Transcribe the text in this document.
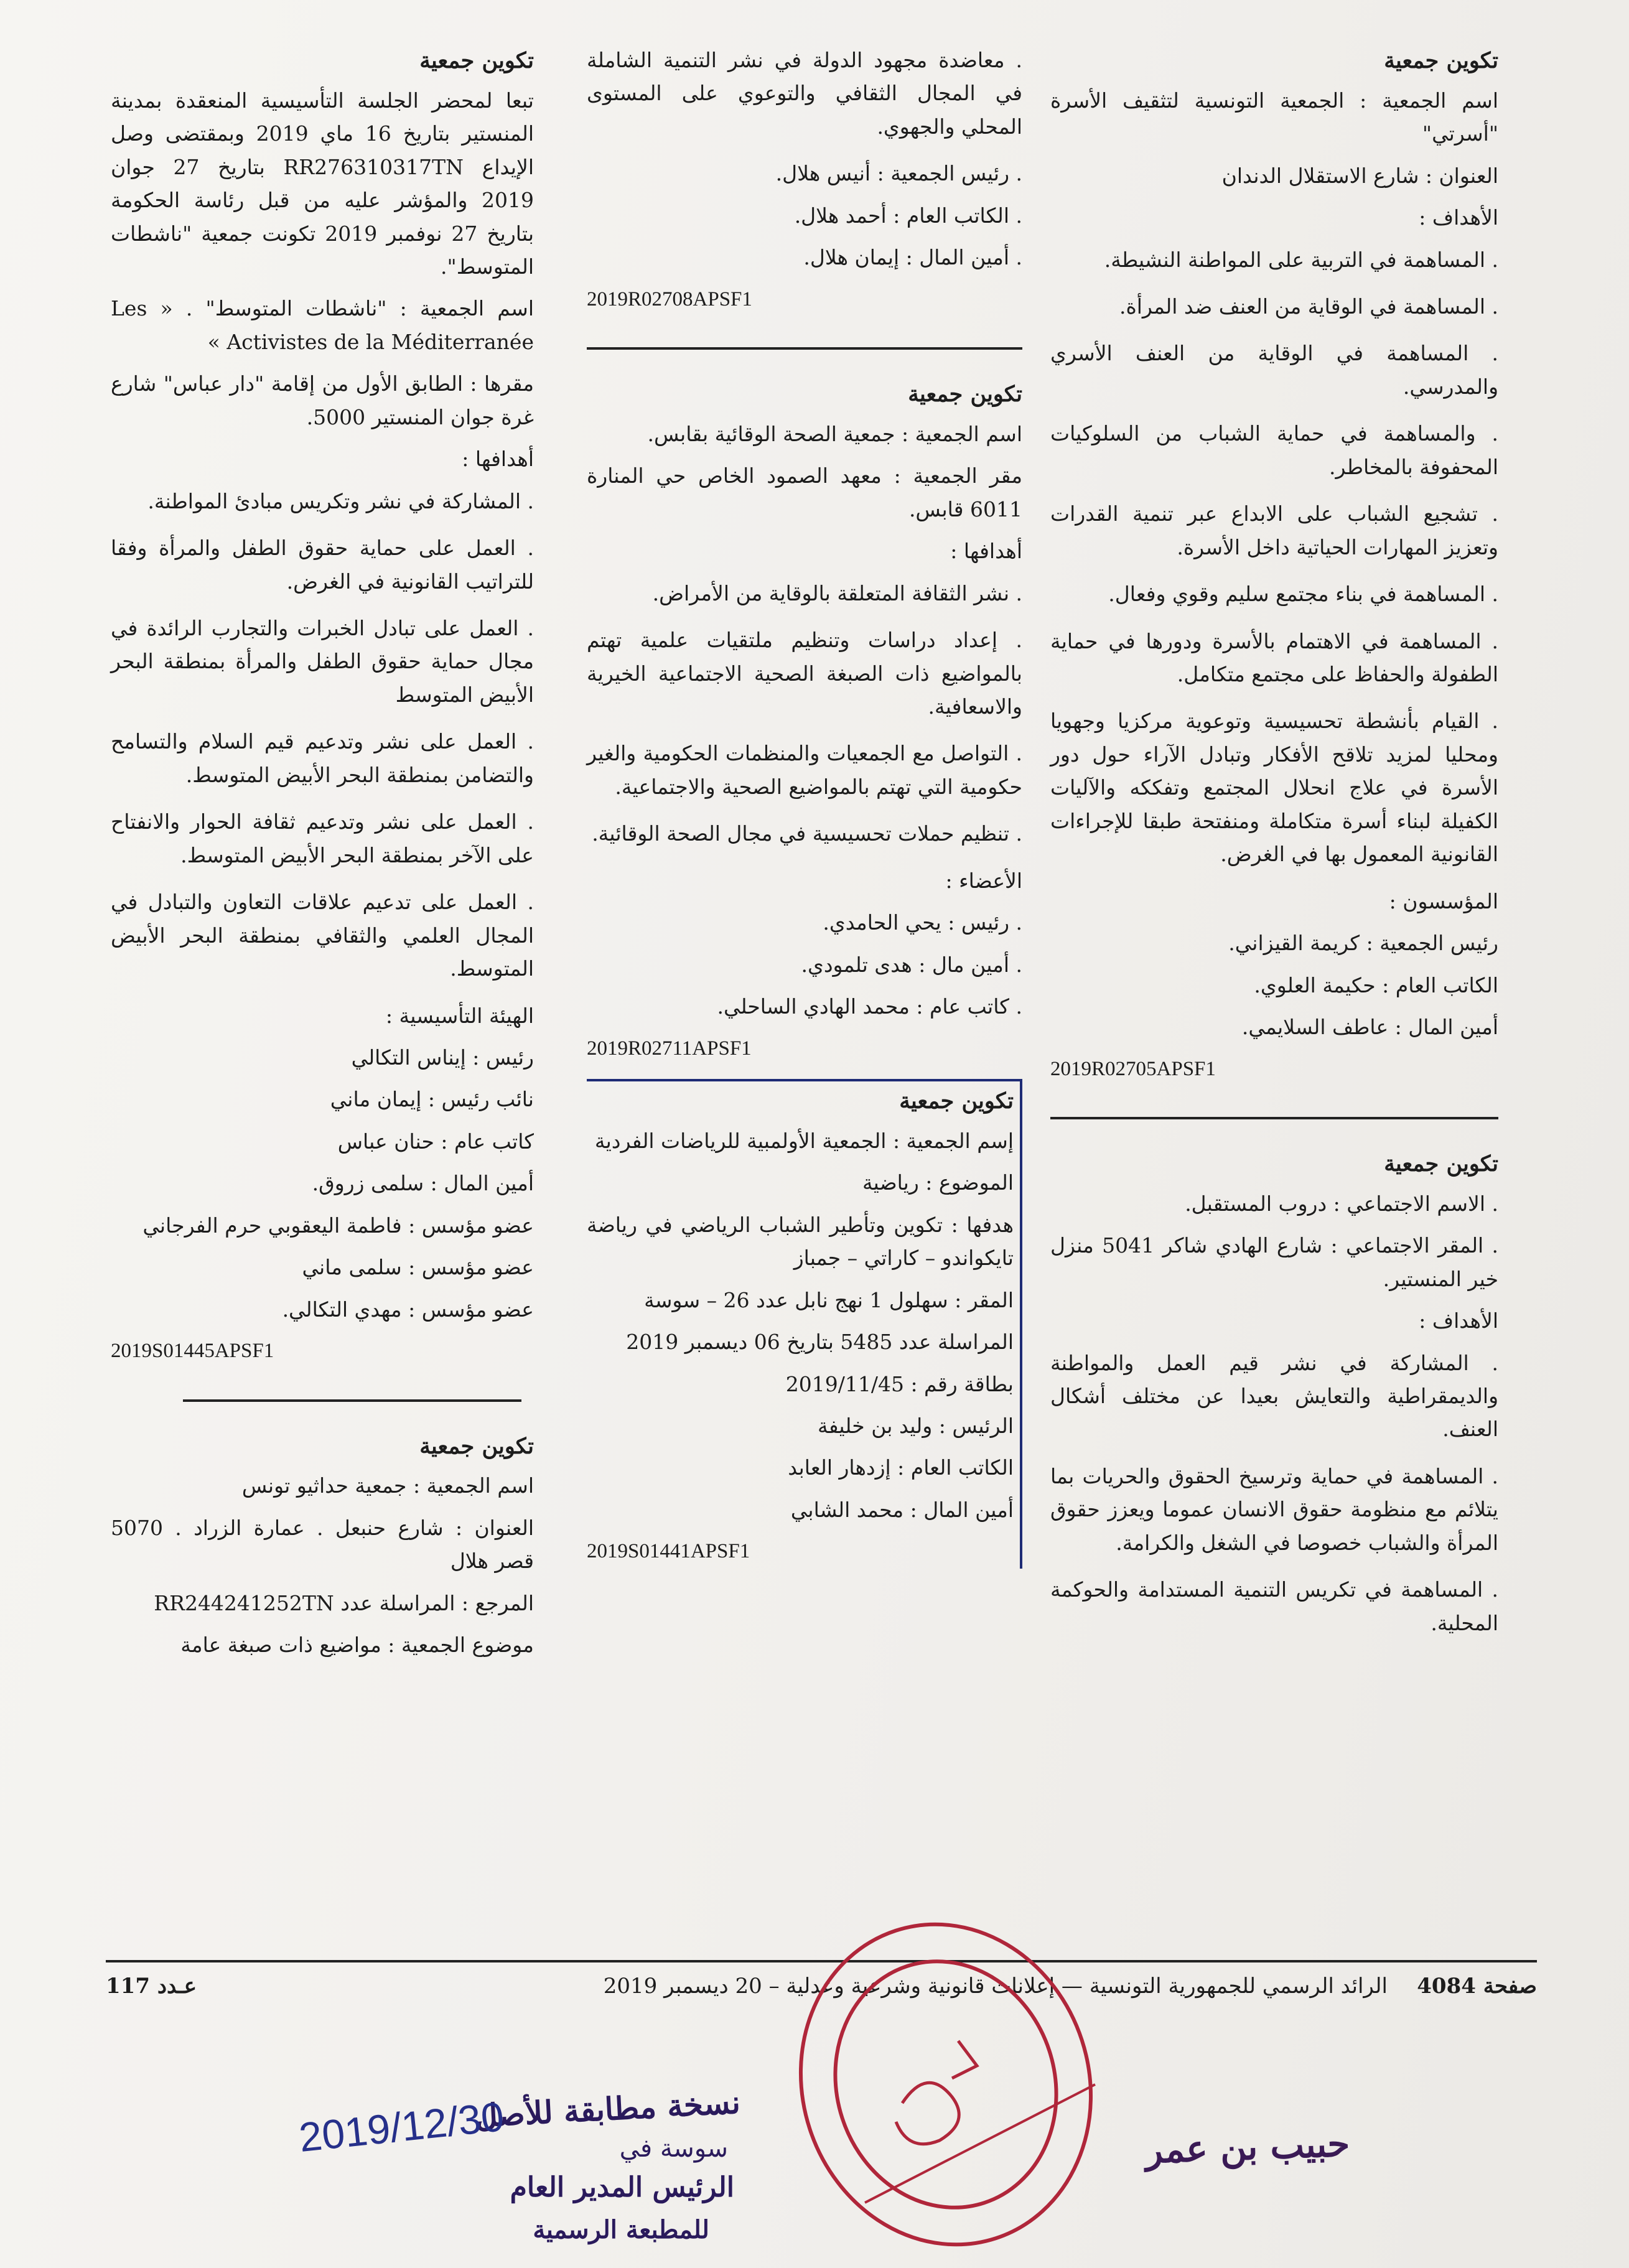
تكوين جمعية

اسم الجمعية : الجمعية التونسية لتثقيف الأسرة "أسرتي"

العنوان : شارع الاستقلال الدندان

الأهداف :

. المساهمة في التربية على المواطنة النشيطة.

. المساهمة في الوقاية من العنف ضد المرأة.

. المساهمة في الوقاية من العنف الأسري والمدرسي.

. والمساهمة في حماية الشباب من السلوكيات المحفوفة بالمخاطر.

. تشجيع الشباب على الابداع عبر تنمية القدرات وتعزيز المهارات الحياتية داخل الأسرة.

. المساهمة في بناء مجتمع سليم وقوي وفعال.

. المساهمة في الاهتمام بالأسرة ودورها في حماية الطفولة والحفاظ على مجتمع متكامل.

. القيام بأنشطة تحسيسية وتوعوية مركزيا وجهويا ومحليا لمزيد تلاقح الأفكار وتبادل الآراء حول دور الأسرة في علاج انحلال المجتمع وتفككه والآليات الكفيلة لبناء أسرة متكاملة ومنفتحة طبقا للإجراءات القانونية المعمول بها في الغرض.

المؤسسون :

رئيس الجمعية : كريمة القيزاني.

الكاتب العام : حكيمة العلوي.

أمين المال : عاطف السلايمي.

2019R02705APSF1

تكوين جمعية

. الاسم الاجتماعي : دروب المستقبل.

. المقر الاجتماعي : شارع الهادي شاكر 5041 منزل خير المنستير.

الأهداف :

. المشاركة في نشر قيم العمل والمواطنة والديمقراطية والتعايش بعيدا عن مختلف أشكال العنف.

. المساهمة في حماية وترسيخ الحقوق والحريات بما يتلائم مع منظومة حقوق الانسان عموما ويعزز حقوق المرأة والشباب خصوصا في الشغل والكرامة.

. المساهمة في تكريس التنمية المستدامة والحوكمة المحلية.

. معاضدة مجهود الدولة في نشر التنمية الشاملة في المجال الثقافي والتوعوي على المستوى المحلي والجهوي.

. رئيس الجمعية : أنيس هلال.

. الكاتب العام : أحمد هلال.

. أمين المال : إيمان هلال.

2019R02708APSF1

تكوين جمعية

اسم الجمعية : جمعية الصحة الوقائية بقابس.

مقر الجمعية : معهد الصمود الخاص حي المنارة 6011 قابس.

أهدافها :

. نشر الثقافة المتعلقة بالوقاية من الأمراض.

. إعداد دراسات وتنظيم ملتقيات علمية تهتم بالمواضيع ذات الصبغة الصحية الاجتماعية الخيرية والاسعافية.

. التواصل مع الجمعيات والمنظمات الحكومية والغير حكومية التي تهتم بالمواضيع الصحية والاجتماعية.

. تنظيم حملات تحسيسية في مجال الصحة الوقائية.

الأعضاء :

. رئيس : يحي الحامدي.

. أمين مال : هدى تلمودي.

. كاتب عام : محمد الهادي الساحلي.

2019R02711APSF1

تكوين جمعية

إسم الجمعية : الجمعية الأولمبية للرياضات الفردية

الموضوع : رياضية

هدفها : تكوين وتأطير الشباب الرياضي في رياضة تايكواندو – كاراتي – جمباز

المقر : سهلول 1 نهج نابل عدد 26 – سوسة

المراسلة عدد 5485 بتاريخ 06 ديسمبر 2019

بطاقة رقم : 2019/11/45

الرئيس : وليد بن خليفة

الكاتب العام : إزدهار العابد

أمين المال : محمد الشابي

2019S01441APSF1

تكوين جمعية

تبعا لمحضر الجلسة التأسيسية المنعقدة بمدينة المنستير بتاريخ 16 ماي 2019 وبمقتضى وصل الإيداع RR276310317TN بتاريخ 27 جوان 2019 والمؤشر عليه من قبل رئاسة الحكومة بتاريخ 27 نوفمبر 2019 تكونت جمعية "ناشطات المتوسط".

اسم الجمعية : "ناشطات المتوسط" . « Les Activistes de la Méditerranée »

مقرها : الطابق الأول من إقامة "دار عباس" شارع غرة جوان المنستير 5000.

أهدافها :

. المشاركة في نشر وتكريس مبادئ المواطنة.

. العمل على حماية حقوق الطفل والمرأة وفقا للتراتيب القانونية في الغرض.

. العمل على تبادل الخبرات والتجارب الرائدة في مجال حماية حقوق الطفل والمرأة بمنطقة البحر الأبيض المتوسط

. العمل على نشر وتدعيم قيم السلام والتسامح والتضامن بمنطقة البحر الأبيض المتوسط.

. العمل على نشر وتدعيم ثقافة الحوار والانفتاح على الآخر بمنطقة البحر الأبيض المتوسط.

. العمل على تدعيم علاقات التعاون والتبادل في المجال العلمي والثقافي بمنطقة البحر الأبيض المتوسط.

الهيئة التأسيسية :

رئيس : إيناس التكالي

نائب رئيس : إيمان ماني

كاتب عام : حنان عباس

أمين المال : سلمى زروق.

عضو مؤسس : فاطمة اليعقوبي حرم الفرجاني

عضو مؤسس : سلمى ماني

عضو مؤسس : مهدي التكالي.

2019S01445APSF1

تكوين جمعية

اسم الجمعية : جمعية حداثيو تونس

العنوان : شارع حنبعل . عمارة الزراد . 5070 قصر هلال

المرجع : المراسلة عدد RR244241252TN

موضوع الجمعية : مواضيع ذات صبغة عامة

صفحة 4084
الرائد الرسمي للجمهورية التونسية — إعلانات قانونية وشرعية وعدلية – 20 ديسمبر 2019
عـدد 117
نسخة مطابقة للأصل
سوسة في
2019/12/30
الرئيس المدير العام
للمطبعة الرسمية
حبيب بن عمر
